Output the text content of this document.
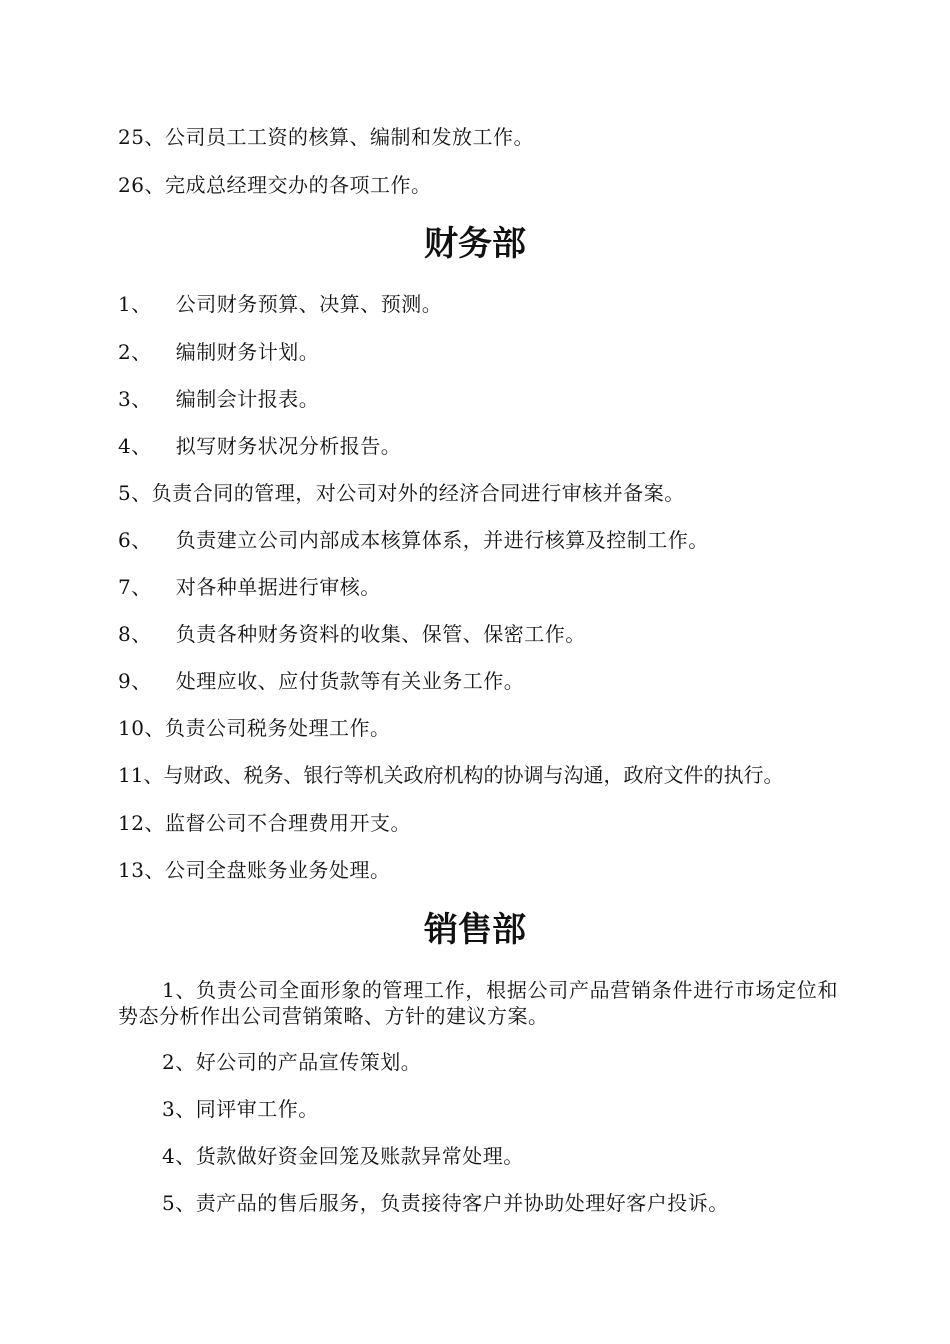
25、公司员工工资的核算、编制和发放工作。
26、完成总经理交办的各项工作。
财务部
1、 公司财务预算、决算、预测。
2、 编制财务计划。
3、 编制会计报表。
4、 拟写财务状况分析报告。
5、负责合同的管理，对公司对外的经济合同进行审核并备案。
6、 负责建立公司内部成本核算体系，并进行核算及控制工作。
7、 对各种单据进行审核。
8、 负责各种财务资料的收集、保管、保密工作。
9、 处理应收、应付货款等有关业务工作。
10、负责公司税务处理工作。
11、与财政、税务、银行等机关政府机构的协调与沟通，政府文件的执行。
12、监督公司不合理费用开支。
13、公司全盘账务业务处理。
销售部
1、负责公司全面形象的管理工作，根据公司产品营销条件进行市场定位和势态分析作出公司营销策略、方针的建议方案。
2、好公司的产品宣传策划。
3、同评审工作。
4、货款做好资金回笼及账款异常处理。
5、责产品的售后服务，负责接待客户并协助处理好客户投诉。
